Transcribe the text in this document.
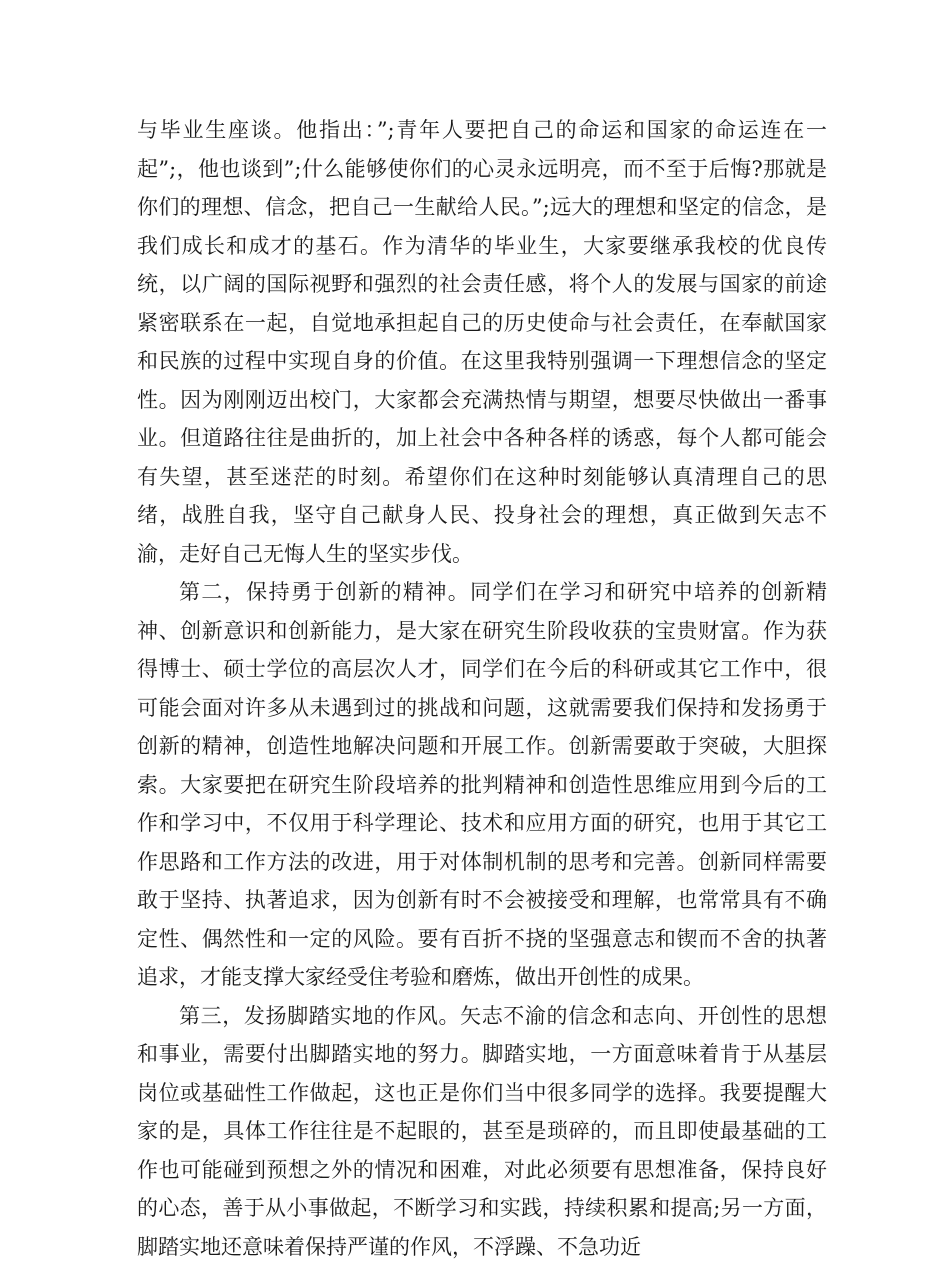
与毕业生座谈。他指出：”;青年人要把自己的命运和国家的命运连在一起”;，他也谈到”;什么能够使你们的心灵永远明亮，而不至于后悔?那就是你们的理想、信念，把自己一生献给人民。”;远大的理想和坚定的信念，是我们成长和成才的基石。作为清华的毕业生，大家要继承我校的优良传统，以广阔的国际视野和强烈的社会责任感，将个人的发展与国家的前途紧密联系在一起，自觉地承担起自己的历史使命与社会责任，在奉献国家和民族的过程中实现自身的价值。在这里我特别强调一下理想信念的坚定性。因为刚刚迈出校门，大家都会充满热情与期望，想要尽快做出一番事业。但道路往往是曲折的，加上社会中各种各样的诱惑，每个人都可能会有失望，甚至迷茫的时刻。希望你们在这种时刻能够认真清理自己的思绪，战胜自我，坚守自己献身人民、投身社会的理想，真正做到矢志不渝，走好自己无悔人生的坚实步伐。

第二，保持勇于创新的精神。同学们在学习和研究中培养的创新精神、创新意识和创新能力，是大家在研究生阶段收获的宝贵财富。作为获得博士、硕士学位的高层次人才，同学们在今后的科研或其它工作中，很可能会面对许多从未遇到过的挑战和问题，这就需要我们保持和发扬勇于创新的精神，创造性地解决问题和开展工作。创新需要敢于突破，大胆探索。大家要把在研究生阶段培养的批判精神和创造性思维应用到今后的工作和学习中，不仅用于科学理论、技术和应用方面的研究，也用于其它工作思路和工作方法的改进，用于对体制机制的思考和完善。创新同样需要敢于坚持、执著追求，因为创新有时不会被接受和理解，也常常具有不确定性、偶然性和一定的风险。要有百折不挠的坚强意志和锲而不舍的执著追求，才能支撑大家经受住考验和磨炼，做出开创性的成果。

第三，发扬脚踏实地的作风。矢志不渝的信念和志向、开创性的思想和事业，需要付出脚踏实地的努力。脚踏实地，一方面意味着肯于从基层岗位或基础性工作做起，这也正是你们当中很多同学的选择。我要提醒大家的是，具体工作往往是不起眼的，甚至是琐碎的，而且即使最基础的工作也可能碰到预想之外的情况和困难，对此必须要有思想准备，保持良好的心态，善于从小事做起，不断学习和实践，持续积累和提高;另一方面，脚踏实地还意味着保持严谨的作风，不浮躁、不急功近
